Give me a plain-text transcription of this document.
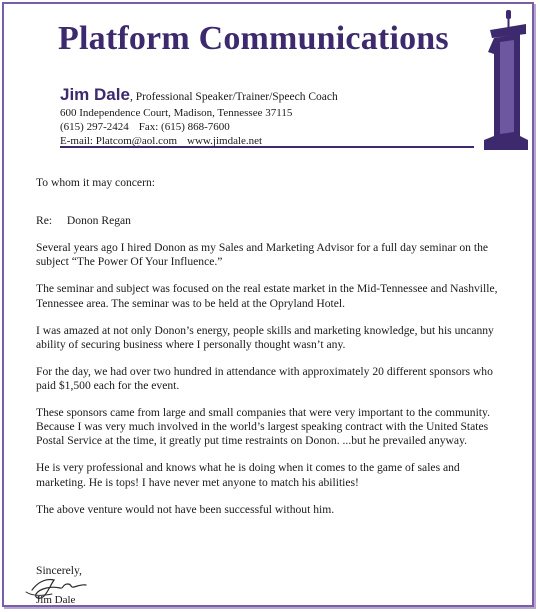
Platform Communications
Jim Dale, Professional Speaker/Trainer/Speech Coach
600 Independence Court, Madison, Tennessee 37115
(615) 297-2424 Fax: (615) 868-7600
E-mail: Platcom@aol.com www.jimdale.net

To whom it may concern:

Re: Donon Regan

Several years ago I hired Donon as my Sales and Marketing Advisor for a full day seminar on the subject “The Power Of Your Influence.”

The seminar and subject was focused on the real estate market in the Mid-Tennessee and Nashville, Tennessee area. The seminar was to be held at the Opryland Hotel.

I was amazed at not only Donon’s energy, people skills and marketing knowledge, but his uncanny ability of securing business where I personally thought wasn’t any.

For the day, we had over two hundred in attendance with approximately 20 different sponsors who paid $1,500 each for the event.

These sponsors came from large and small companies that were very important to the community. Because I was very much involved in the world’s largest speaking contract with the United States Postal Service at the time, it greatly put time restraints on Donon. ...but he prevailed anyway.

He is very professional and knows what he is doing when it comes to the game of sales and marketing. He is tops! I have never met anyone to match his abilities!

The above venture would not have been successful without him.

Sincerely,
Jim Dale
